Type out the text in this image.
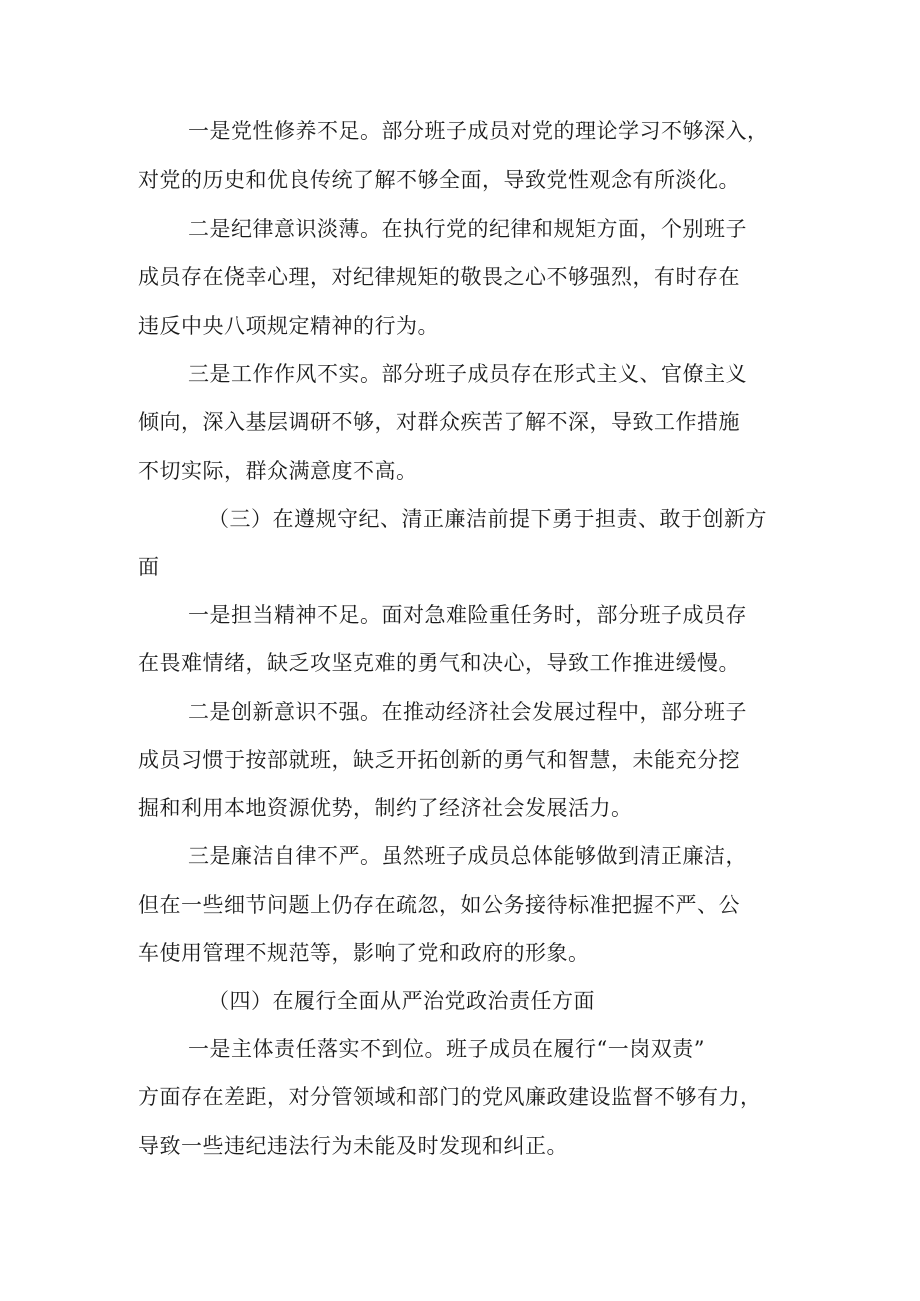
一是党性修养不足。部分班子成员对党的理论学习不够深入，
对党的历史和优良传统了解不够全面，导致党性观念有所淡化。
二是纪律意识淡薄。在执行党的纪律和规矩方面，个别班子
成员存在侥幸心理，对纪律规矩的敬畏之心不够强烈，有时存在
违反中央八项规定精神的行为。
三是工作作风不实。部分班子成员存在形式主义、官僚主义
倾向，深入基层调研不够，对群众疾苦了解不深，导致工作措施
不切实际，群众满意度不高。
（三）在遵规守纪、清正廉洁前提下勇于担责、敢于创新方
面
一是担当精神不足。面对急难险重任务时，部分班子成员存
在畏难情绪，缺乏攻坚克难的勇气和决心，导致工作推进缓慢。
二是创新意识不强。在推动经济社会发展过程中，部分班子
成员习惯于按部就班，缺乏开拓创新的勇气和智慧，未能充分挖
掘和利用本地资源优势，制约了经济社会发展活力。
三是廉洁自律不严。虽然班子成员总体能够做到清正廉洁，
但在一些细节问题上仍存在疏忽，如公务接待标准把握不严、公
车使用管理不规范等，影响了党和政府的形象。
（四）在履行全面从严治党政治责任方面
一是主体责任落实不到位。班子成员在履行“一岗双责”
方面存在差距，对分管领域和部门的党风廉政建设监督不够有力，
导致一些违纪违法行为未能及时发现和纠正。
